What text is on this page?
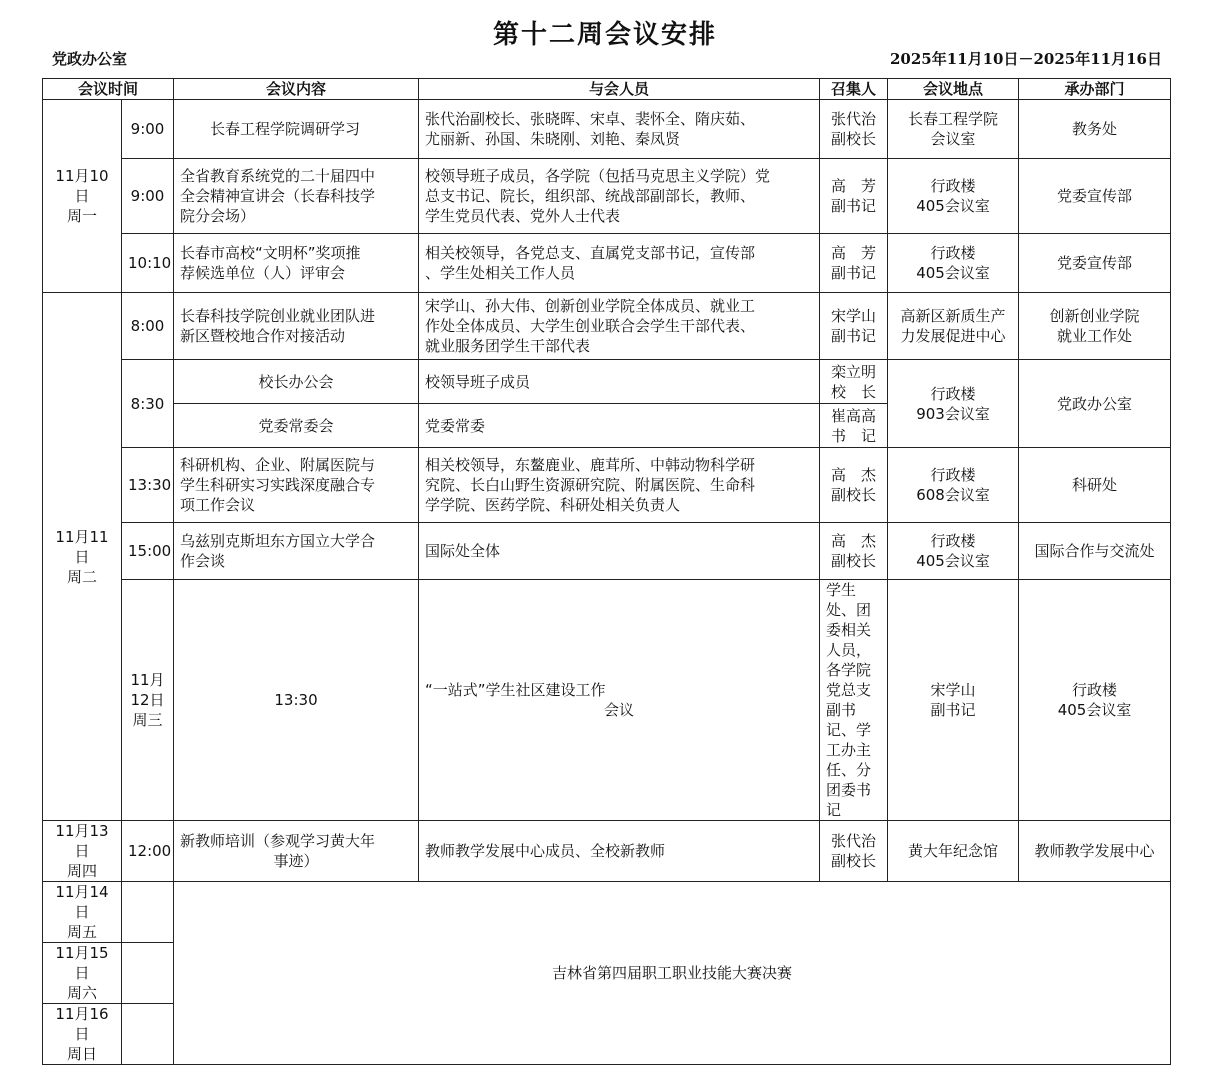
第十二周会议安排
党政办公室	2025年11月10日－2025年11月16日
会议时间		会议内容	与会人员	召集人	会议地点	承办部门	

11月10日
周一	9:00	长春工程学院调研学习	张代治副校长、张晓晖、宋卓、裴怀全、隋庆茹、
尤丽新、孙国、朱晓刚、刘艳、秦凤贤	张代治
副校长	长春工程学院
会议室	教务处	

	9:00	全省教育系统党的二十届四中
全会精神宣讲会（长春科技学
院分会场）	校领导班子成员，各学院（包括马克思主义学院）党
总支书记、院长，组织部、统战部副部长，教师、
学生党员代表、党外人士代表	高　芳
副书记	行政楼
405会议室	党委宣传部	

	10:10	长春市高校“文明杯”奖项推
荐候选单位（人）评审会	相关校领导，各党总支、直属党支部书记，宣传部
、学生处相关工作人员	高　芳
副书记	行政楼
405会议室	党委宣传部	

11月11日
周二	8:00	长春科技学院创业就业团队进
新区暨校地合作对接活动	宋学山、孙大伟、创新创业学院全体成员、就业工
作处全体成员、大学生创业联合会学生干部代表、
就业服务团学生干部代表	宋学山
副书记	高新区新质生产
力发展促进中心	创新创业学院
就业工作处	

	8:30	校长办公会	校领导班子成员	栾立明
校　长	行政楼
903会议室	党政办公室	

		党委常委会	党委常委	崔高高
书　记			

	13:30	科研机构、企业、附属医院与
学生科研实习实践深度融合专
项工作会议	相关校领导，东鳌鹿业、鹿茸所、中韩动物科学研
究院、长白山野生资源研究院、附属医院、生命科
学学院、医药学院、科研处相关负责人	高　杰
副校长	行政楼
608会议室	科研处	

	15:00	乌兹别克斯坦东方国立大学合
作会谈	国际处全体	高　杰
副校长	行政楼
405会议室	国际合作与交流处	

	11月12日
周三	13:30	“一站式”学生社区建设工作
会议	学生处、团委相关人员，各学院党总支副书记、学
工办主任、分团委书记	宋学山
副书记	行政楼
405会议室

11月13日
周四	12:00	新教师培训（参观学习黄大年
事迹）	教师教学发展中心成员、全校新教师	张代治
副校长	黄大年纪念馆	教师教学发展中心	

11月14日
周五		吉林省第四届职工职业技能大赛决赛					

11月15日
周六							

11月16日
周日							
